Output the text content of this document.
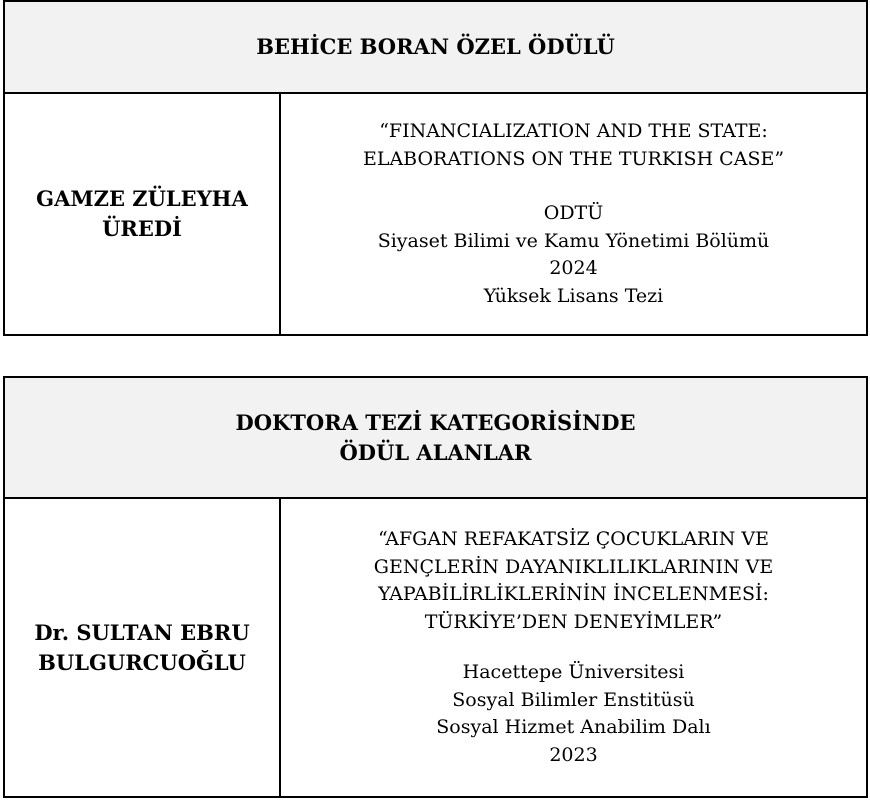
BEHİCE BORAN ÖZEL ÖDÜLÜ
GAMZE ZÜLEYHA
ÜREDİ
“FINANCIALIZATION AND THE STATE:
ELABORATIONS ON THE TURKISH CASE”
ODTÜ
Siyaset Bilimi ve Kamu Yönetimi Bölümü
2024
Yüksek Lisans Tezi
DOKTORA TEZİ KATEGORİSİNDE
ÖDÜL ALANLAR
Dr. SULTAN EBRU
BULGURCUOĞLU
“AFGAN REFAKATSİZ ÇOCUKLARIN VE
GENÇLERİN DAYANIKLILIKLARININ VE
YAPABİLİRLİKLERİNİN İNCELENMESİ:
TÜRKİYE’DEN DENEYİMLER”
Hacettepe Üniversitesi
Sosyal Bilimler Enstitüsü
Sosyal Hizmet Anabilim Dalı
2023
